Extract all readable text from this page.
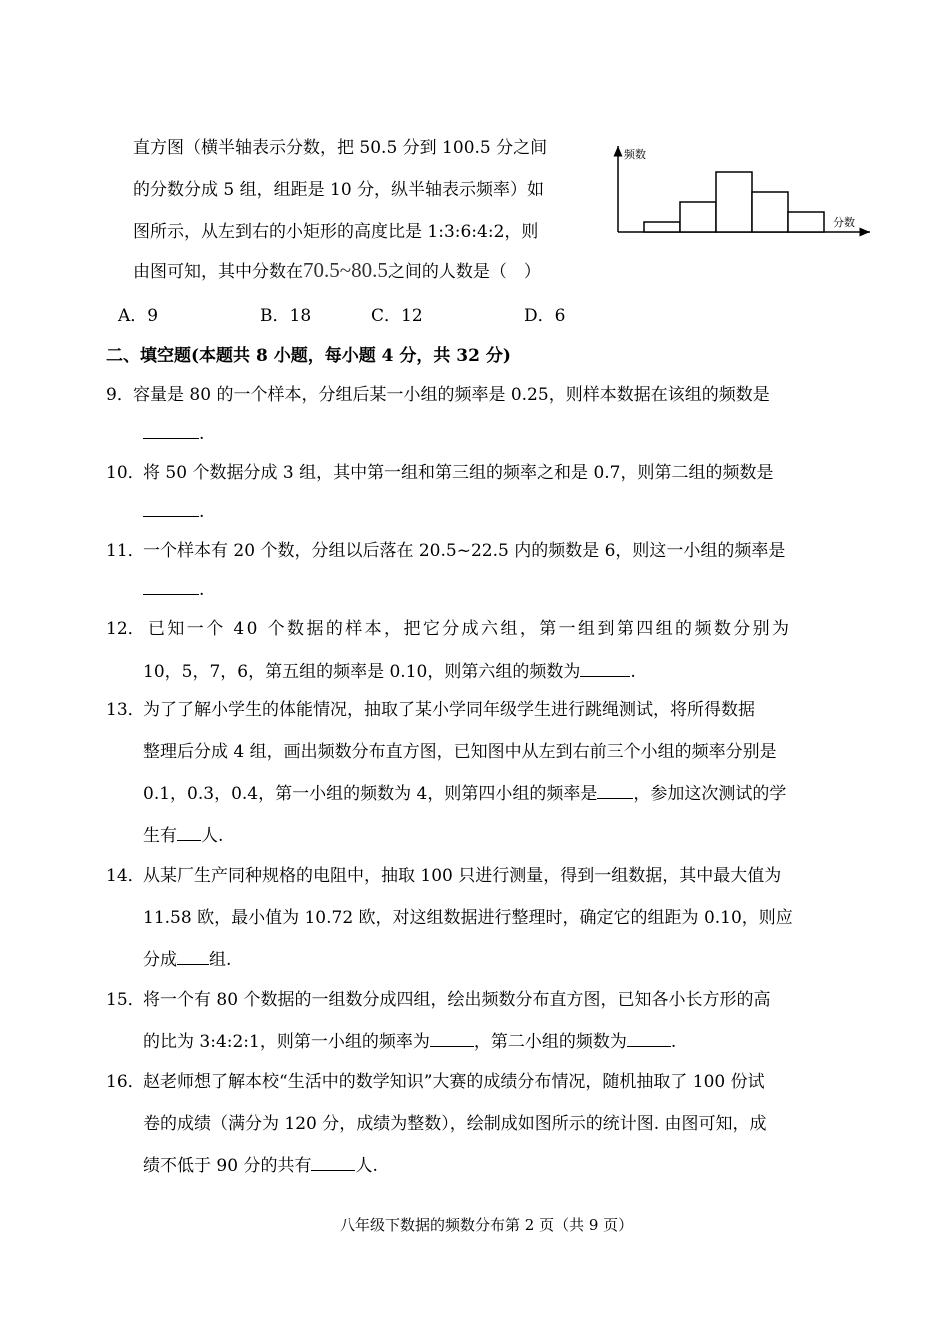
直方图（横半轴表示分数，把 50.5 分到 100.5 分之间
的分数分成 5 组，组距是 10 分，纵半轴表示频率）如
图所示，从左到右的小矩形的高度比是 1:3:6:4:2，则
由图可知，其中分数在70.5~80.5之间的人数是（　）
频数
分数
A．9	B．18	C．12	D．6
二、填空题(本题共 8 小题，每小题 4 分，共 32 分)
9． 容量是 80 的一个样本，分组后某一小组的频率是 0.25，则样本数据在该组的频数是
.
10．
将 50 个数据分成 3 组，其中第一组和第三组的频率之和是 0.7，则第二组的频数是
.
11．
一个样本有 20 个数，分组以后落在 20.5~22.5 内的频数是 6，则这一小组的频率是
.
12． 已知一个 40 个数据的样本，把它分成六组，第一组到第四组的频数分别为
10，5，7，6，第五组的频率是 0.10，则第六组的频数为	.
13．
为了了解小学生的体能情况，抽取了某小学同年级学生进行跳绳测试，将所得数据
整理后分成 4 组，画出频数分布直方图，已知图中从左到右前三个小组的频率分别是
0.1，0.3，0.4，第一小组的频数为 4，则第四小组的频率是 ，参加这次测试的学
生有 人.
14．
从某厂生产同种规格的电阻中，抽取 100 只进行测量，得到一组数据，其中最大值为
11.58 欧，最小值为 10.72 欧，对这组数据进行整理时，确定它的组距为 0.10，则应
分成 组.
15．
将一个有 80 个数据的一组数分成四组，绘出频数分布直方图，已知各小长方形的高
的比为 3:4:2:1，则第一小组的频率为	，第二小组的频数为	.
16．
赵老师想了解本校“生活中的数学知识”大赛的成绩分布情况，随机抽取了 100 份试
卷的成绩（满分为 120 分，成绩为整数），绘制成如图所示的统计图. 由图可知，成
绩不低于 90 分的共有	人.
八年级下数据的频数分布第 2 页（共 9 页）
